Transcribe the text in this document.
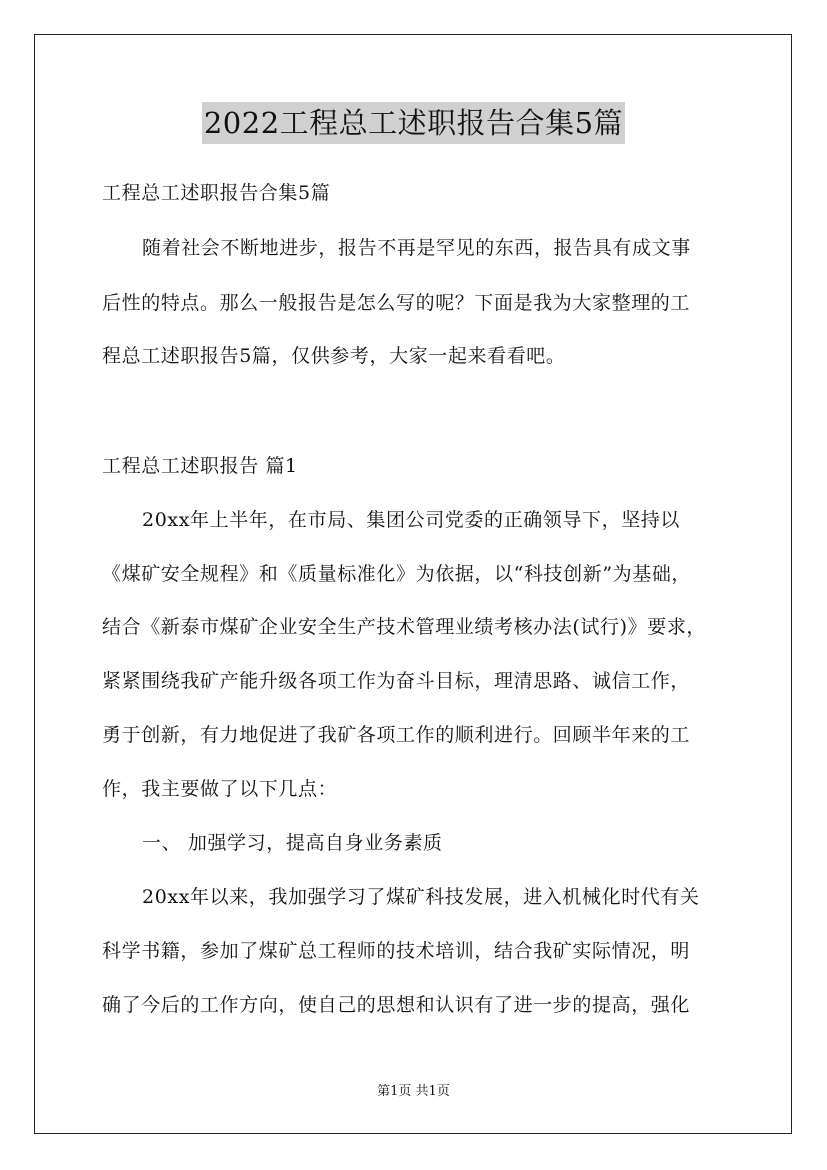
2022工程总工述职报告合集5篇
工程总工述职报告合集5篇
随着社会不断地进步，报告不再是罕见的东西，报告具有成文事
后性的特点。那么一般报告是怎么写的呢？下面是我为大家整理的工
程总工述职报告5篇，仅供参考，大家一起来看看吧。
工程总工述职报告 篇1
20xx年上半年，在市局、集团公司党委的正确领导下，坚持以
《煤矿安全规程》和《质量标准化》为依据，以“科技创新”为基础，
结合《新泰市煤矿企业安全生产技术管理业绩考核办法(试行)》要求，
紧紧围绕我矿产能升级各项工作为奋斗目标，理清思路、诚信工作，
勇于创新，有力地促进了我矿各项工作的顺利进行。回顾半年来的工
作，我主要做了以下几点：
一、 加强学习，提高自身业务素质
20xx年以来，我加强学习了煤矿科技发展，进入机械化时代有关
科学书籍，参加了煤矿总工程师的技术培训，结合我矿实际情况，明
确了今后的工作方向，使自己的思想和认识有了进一步的提高，强化
第1页 共1页
